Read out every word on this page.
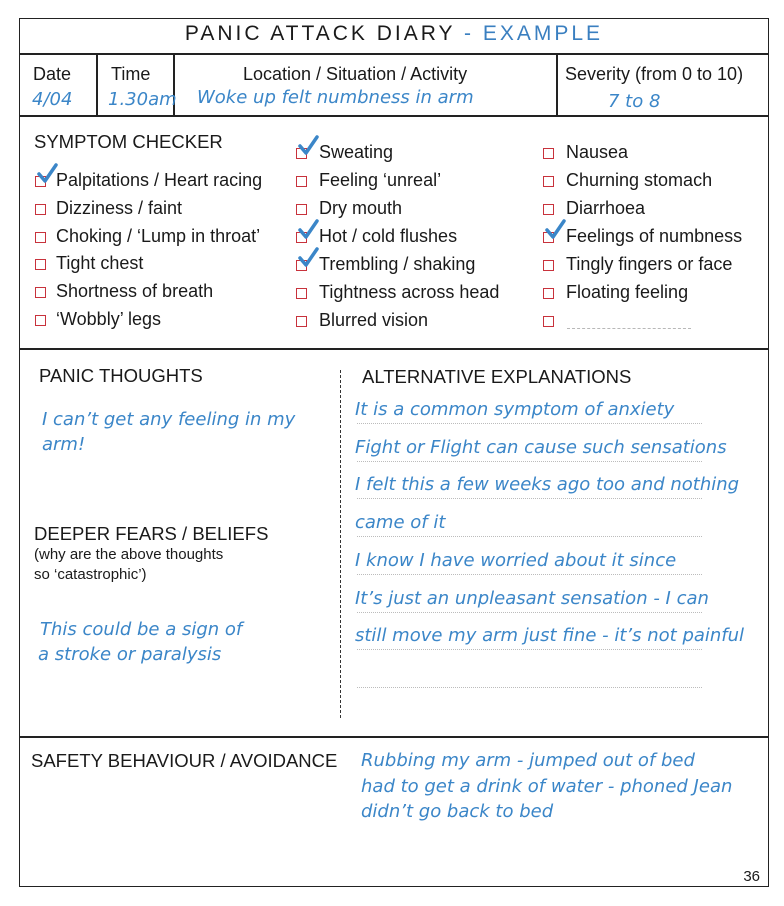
PANIC ATTACK DIARY - EXAMPLE
Date
4/04
Time
1.30am
Location / Situation / Activity
Woke up felt numbness in arm
Severity (from 0 to 10)
7 to 8
SYMPTOM CHECKER
Palpitations / Heart racing
Dizziness / faint
Choking / ‘Lump in throat’
Tight chest
Shortness of breath
‘Wobbly’ legs
Sweating
Feeling ‘unreal’
Dry mouth
Hot / cold flushes
Trembling / shaking
Tightness across head
Blurred vision
Nausea
Churning stomach
Diarrhoea
Feelings of numbness
Tingly fingers or face
Floating feeling
PANIC THOUGHTS
I can’t get any feeling in my
arm!
DEEPER FEARS / BELIEFS
(why are the above thoughts
so ‘catastrophic’)
This could be a sign of
a stroke or paralysis
ALTERNATIVE EXPLANATIONS
It is a common symptom of anxiety
Fight or Flight can cause such sensations
I felt this a few weeks ago too and nothing
came of it
I know I have worried about it since
It’s just an unpleasant sensation - I can
still move my arm just fine - it’s not painful
SAFETY BEHAVIOUR / AVOIDANCE Rubbing my arm - jumped out of bed
had to get a drink of water - phoned Jean
didn’t go back to bed
36
